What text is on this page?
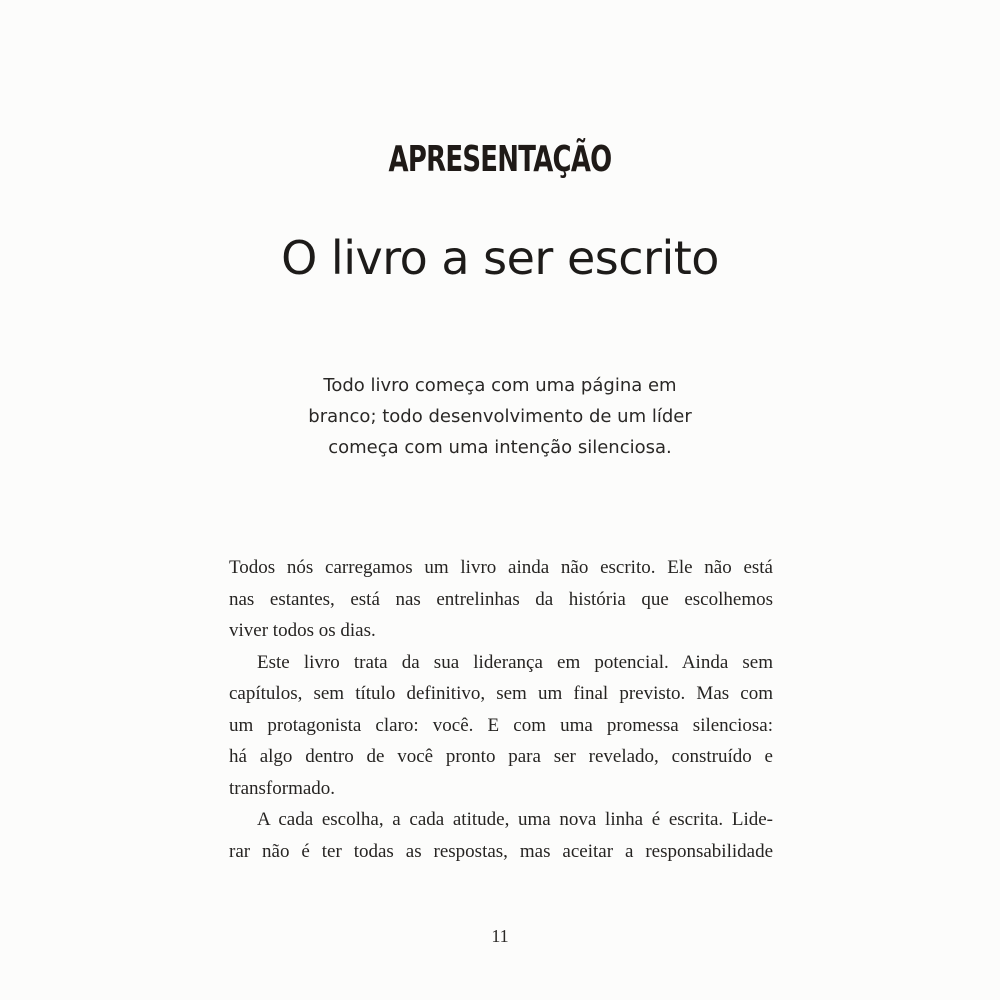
APRESENTAÇÃO
O livro a ser escrito
Todo livro começa com uma página em
branco; todo desenvolvimento de um líder
começa com uma intenção silenciosa.
Todos nós carregamos um livro ainda não escrito. Ele não está
nas estantes, está nas entrelinhas da história que escolhemos
viver todos os dias.
Este livro trata da sua liderança em potencial. Ainda sem
capítulos, sem título definitivo, sem um final previsto. Mas com
um protagonista claro: você. E com uma promessa silenciosa:
há algo dentro de você pronto para ser revelado, construído e
transformado.
A cada escolha, a cada atitude, uma nova linha é escrita. Lide-
rar não é ter todas as respostas, mas aceitar a responsabilidade
11
